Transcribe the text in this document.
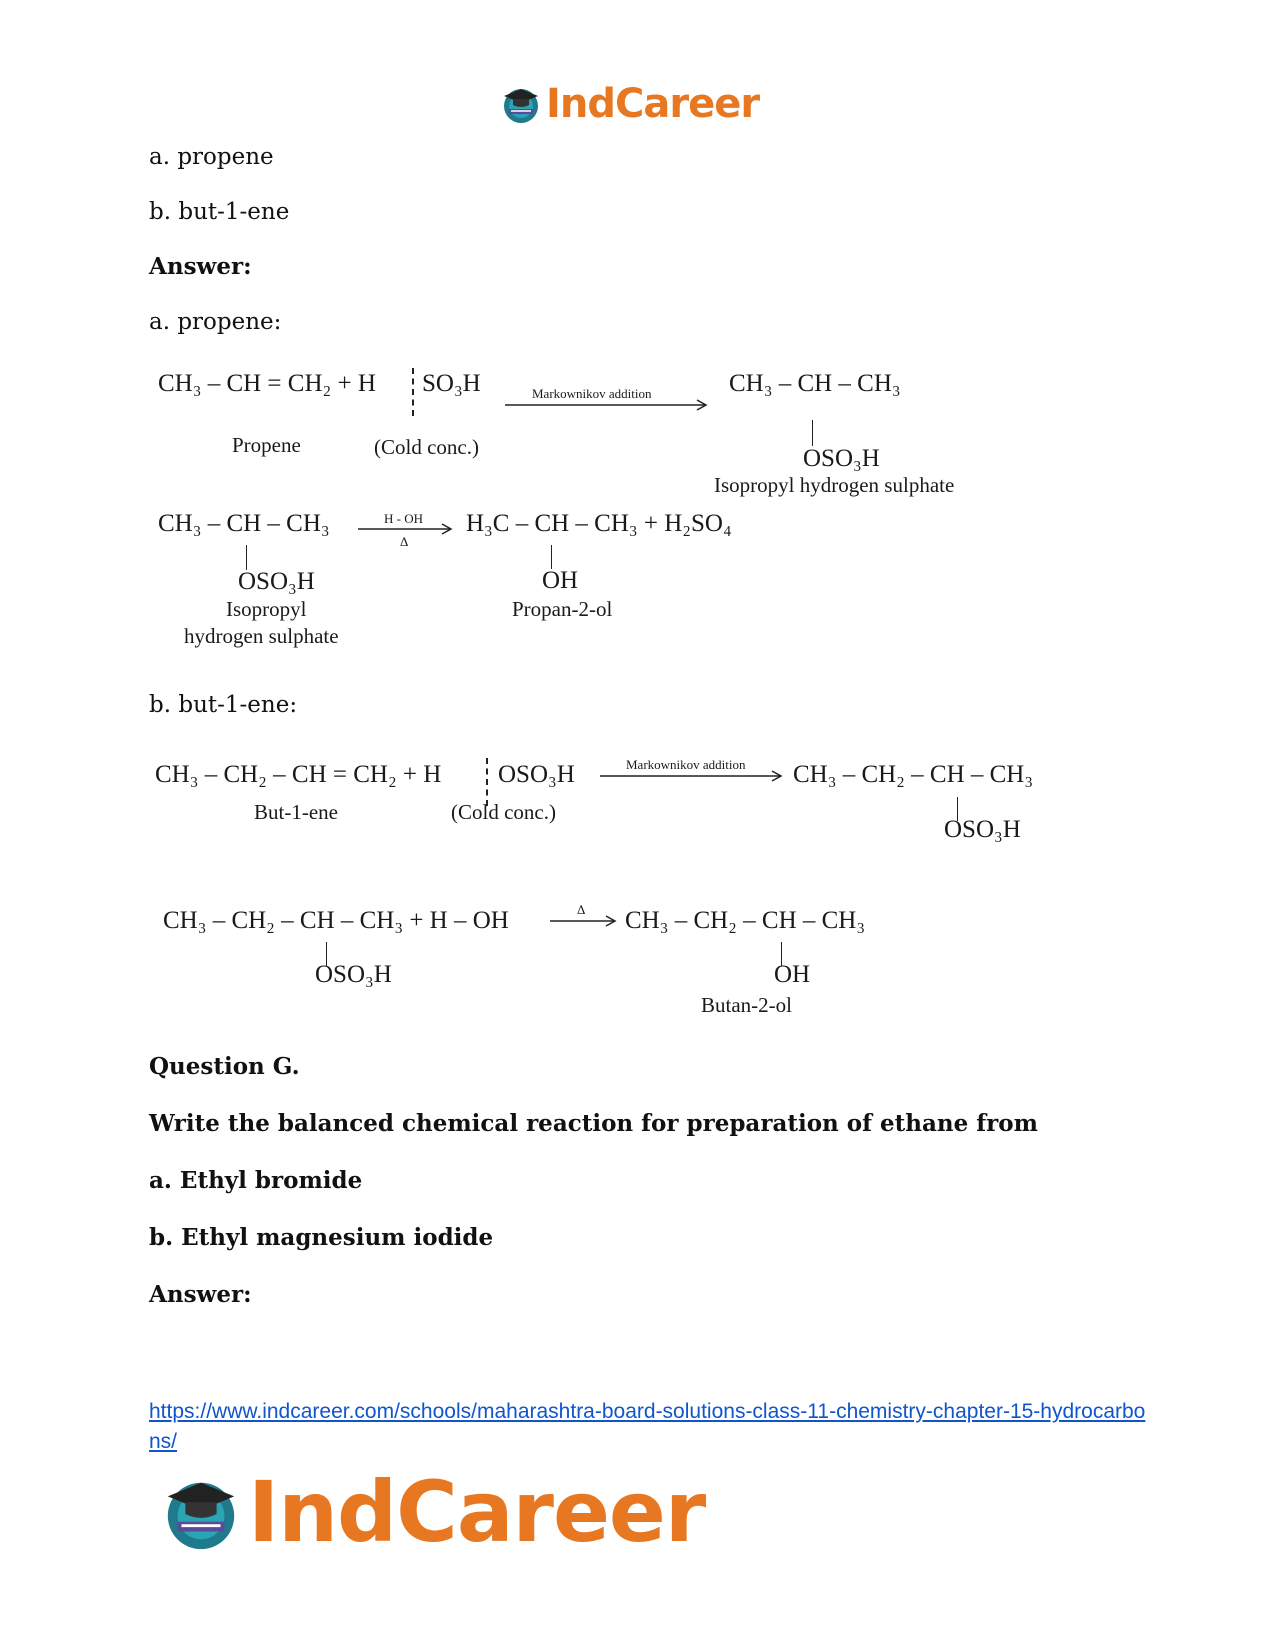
IndCareer
a. propene
b. but-1-ene
Answer:
a. propene:
CH₃ – CH = CH₂ + H SO₃H	Markownikov addition	CH₃ – CH – CH₃
OSO₃H
Propene	(Cold conc.)
Isopropyl hydrogen sulphate
CH₃ – CH – CH₃
OSO₃H
H - OH
Δ
H₃C – CH – CH₃ + H₂SO₄
OH
Isopropyl
hydrogen sulphate
Propan-2-ol
b. but-1-ene:
CH₃ – CH₂ – CH = CH₂ + H OSO₃H	Markownikov addition CH₃ – CH₂ – CH – CH₃
OSO₃H
But-1-ene	(Cold conc.)
CH₃ – CH₂ – CH – CH₃ + H – OH
OSO₃H
Δ CH₃ – CH₂ – CH – CH₃
OH
Butan-2-ol
Question G.
Write the balanced chemical reaction for preparation of ethane from
a. Ethyl bromide
b. Ethyl magnesium iodide
Answer:
https://www.indcareer.com/schools/maharashtra-board-solutions-class-11-chemistry-chapter-15-hydrocarbons/
IndCareer
